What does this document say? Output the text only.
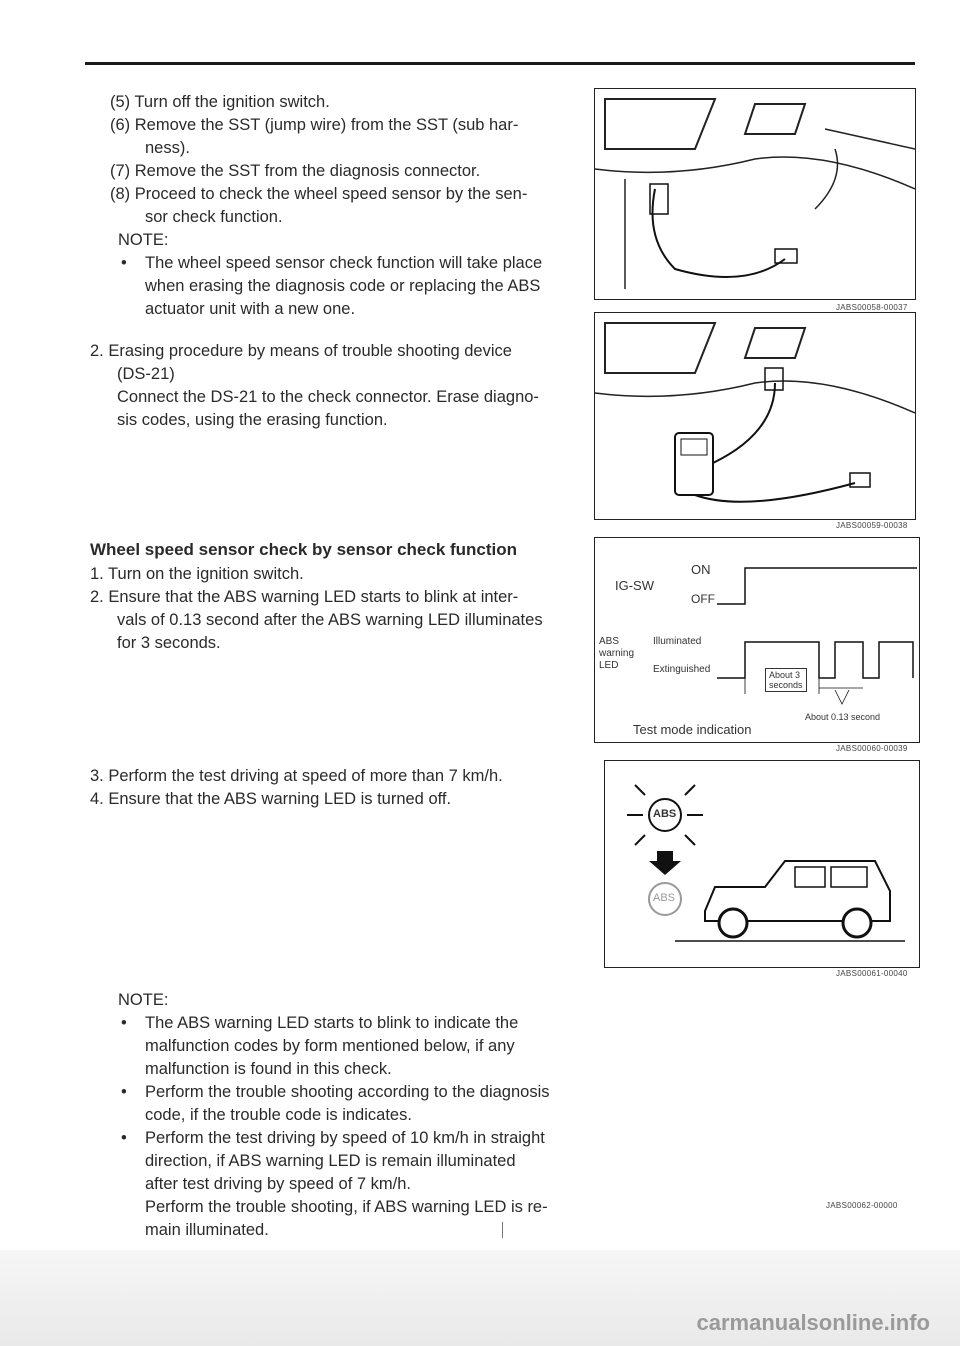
(5) Turn off the ignition switch.

(6) Remove the SST (jump wire) from the SST (sub har-

ness).

(7) Remove the SST from the diagnosis connector.

(8) Proceed to check the wheel speed sensor by the sen-

sor check function.

NOTE:

• The wheel speed sensor check function will take place

when erasing the diagnosis code or replacing the ABS

actuator unit with a new one.

2. Erasing procedure by means of trouble shooting device

(DS-21)

Connect the DS-21 to the check connector. Erase diagno-

sis codes, using the erasing function.

Wheel speed sensor check by sensor check function

1. Turn on the ignition switch.

2. Ensure that the ABS warning LED starts to blink at inter-

vals of 0.13 second after the ABS warning LED illuminates

for 3 seconds.

3. Perform the test driving at speed of more than 7 km/h.

4. Ensure that the ABS warning LED is turned off.

NOTE:

• The ABS warning LED starts to blink to indicate the

malfunction codes by form mentioned below, if any

malfunction is found in this check.

• Perform the trouble shooting according to the diagnosis

code, if the trouble code is indicates.

• Perform the test driving by speed of 10 km/h in straight

direction, if ABS warning LED is remain illuminated

after test driving by speed of 7 km/h.

Perform the trouble shooting, if ABS warning LED is re-

main illuminated.

JABS00058-00037
JABS00059-00038
IG-SW
ON
OFF
ABS
warning
LED
Illuminated
Extinguished	About 3
seconds
About 0.13 second
Test mode indication
JABS00060-00039
ABS
ABS
JABS00061-00040
JABS00062-00000
carmanualsonline.info
